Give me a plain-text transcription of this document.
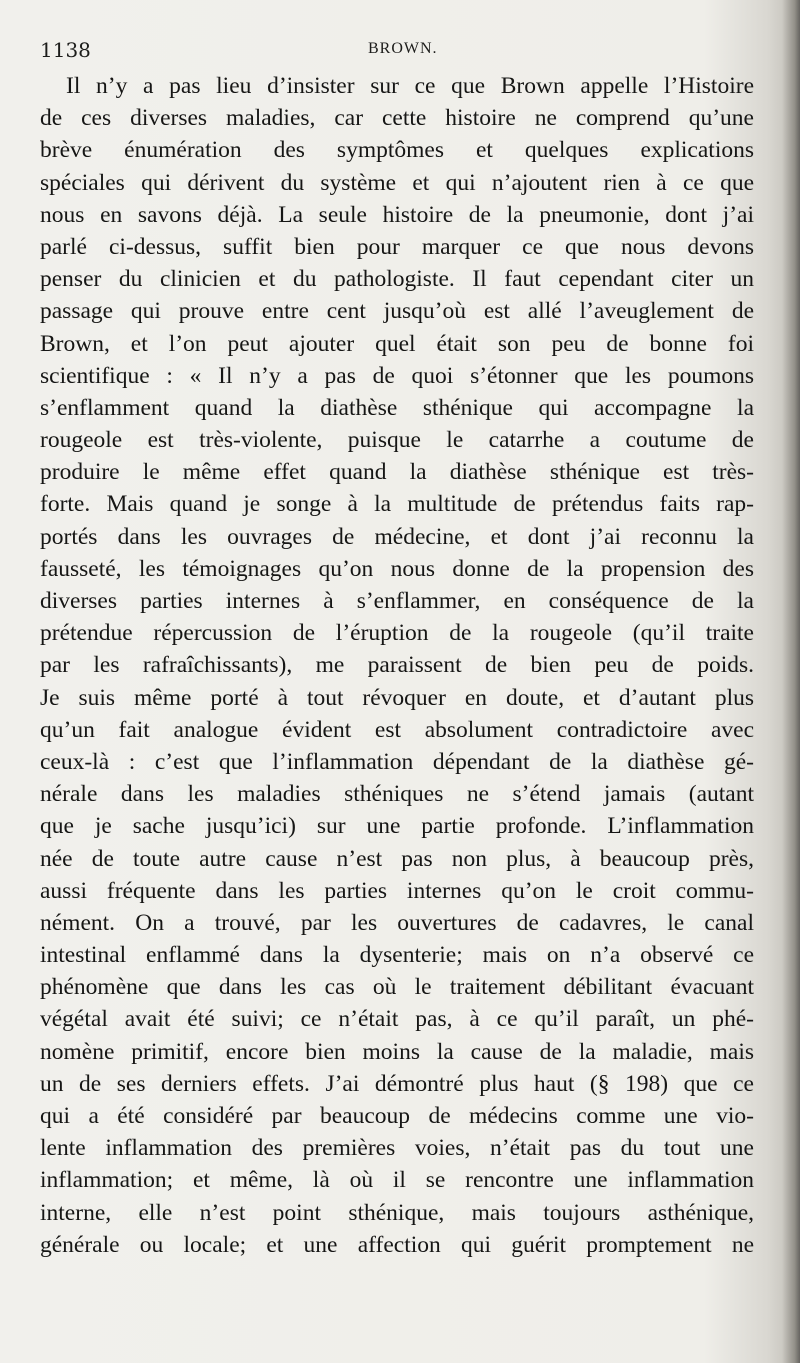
1138	BROWN.
Il n’y a pas lieu d’insister sur ce que Brown appelle l’Histoire
de ces diverses maladies, car cette histoire ne comprend qu’une
brève énumération des symptômes et quelques explications
spéciales qui dérivent du système et qui n’ajoutent rien à ce que
nous en savons déjà. La seule histoire de la pneumonie, dont j’ai
parlé ci-dessus, suffit bien pour marquer ce que nous devons
penser du clinicien et du pathologiste. Il faut cependant citer un
passage qui prouve entre cent jusqu’où est allé l’aveuglement de
Brown, et l’on peut ajouter quel était son peu de bonne foi
scientifique : « Il n’y a pas de quoi s’étonner que les poumons
s’enflamment quand la diathèse sthénique qui accompagne la
rougeole est très-violente, puisque le catarrhe a coutume de
produire le même effet quand la diathèse sthénique est très-
forte. Mais quand je songe à la multitude de prétendus faits rap-
portés dans les ouvrages de médecine, et dont j’ai reconnu la
fausseté, les témoignages qu’on nous donne de la propension des
diverses parties internes à s’enflammer, en conséquence de la
prétendue répercussion de l’éruption de la rougeole (qu’il traite
par les rafraîchissants), me paraissent de bien peu de poids.
Je suis même porté à tout révoquer en doute, et d’autant plus
qu’un fait analogue évident est absolument contradictoire avec
ceux-là : c’est que l’inflammation dépendant de la diathèse gé-
nérale dans les maladies sthéniques ne s’étend jamais (autant
que je sache jusqu’ici) sur une partie profonde. L’inflammation
née de toute autre cause n’est pas non plus, à beaucoup près,
aussi fréquente dans les parties internes qu’on le croit commu-
nément. On a trouvé, par les ouvertures de cadavres, le canal
intestinal enflammé dans la dysenterie; mais on n’a observé ce
phénomène que dans les cas où le traitement débilitant évacuant
végétal avait été suivi; ce n’était pas, à ce qu’il paraît, un phé-
nomène primitif, encore bien moins la cause de la maladie, mais
un de ses derniers effets. J’ai démontré plus haut (§ 198) que ce
qui a été considéré par beaucoup de médecins comme une vio-
lente inflammation des premières voies, n’était pas du tout une
inflammation; et même, là où il se rencontre une inflammation
interne, elle n’est point sthénique, mais toujours asthénique,
générale ou locale; et une affection qui guérit promptement ne
